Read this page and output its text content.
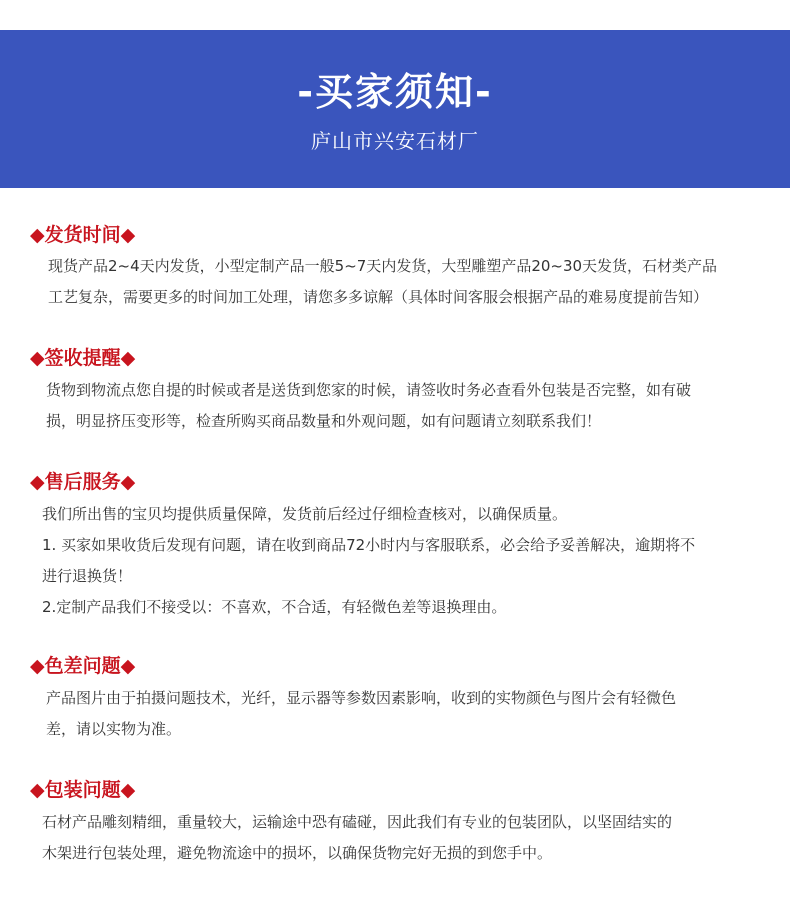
-买家须知-
庐山市兴安石材厂
◆发货时间◆

现货产品2~4天内发货，小型定制产品一般5~7天内发货，大型雕塑产品20~30天发货，石材类产品
工艺复杂，需要更多的时间加工处理，请您多多谅解（具体时间客服会根据产品的难易度提前告知）

◆签收提醒◆

货物到物流点您自提的时候或者是送货到您家的时候，请签收时务必查看外包装是否完整，如有破
损，明显挤压变形等，检查所购买商品数量和外观问题，如有问题请立刻联系我们！

◆售后服务◆

我们所出售的宝贝均提供质量保障，发货前后经过仔细检查核对，以确保质量。
1. 买家如果收货后发现有问题，请在收到商品72小时内与客服联系，必会给予妥善解决，逾期将不
进行退换货！
2.定制产品我们不接受以：不喜欢，不合适，有轻微色差等退换理由。

◆色差问题◆

产品图片由于拍摄问题技术，光纤，显示器等参数因素影响，收到的实物颜色与图片会有轻微色
差，请以实物为准。

◆包装问题◆

石材产品雕刻精细，重量较大，运输途中恐有磕碰，因此我们有专业的包装团队，以坚固结实的
木架进行包装处理，避免物流途中的损坏，以确保货物完好无损的到您手中。
